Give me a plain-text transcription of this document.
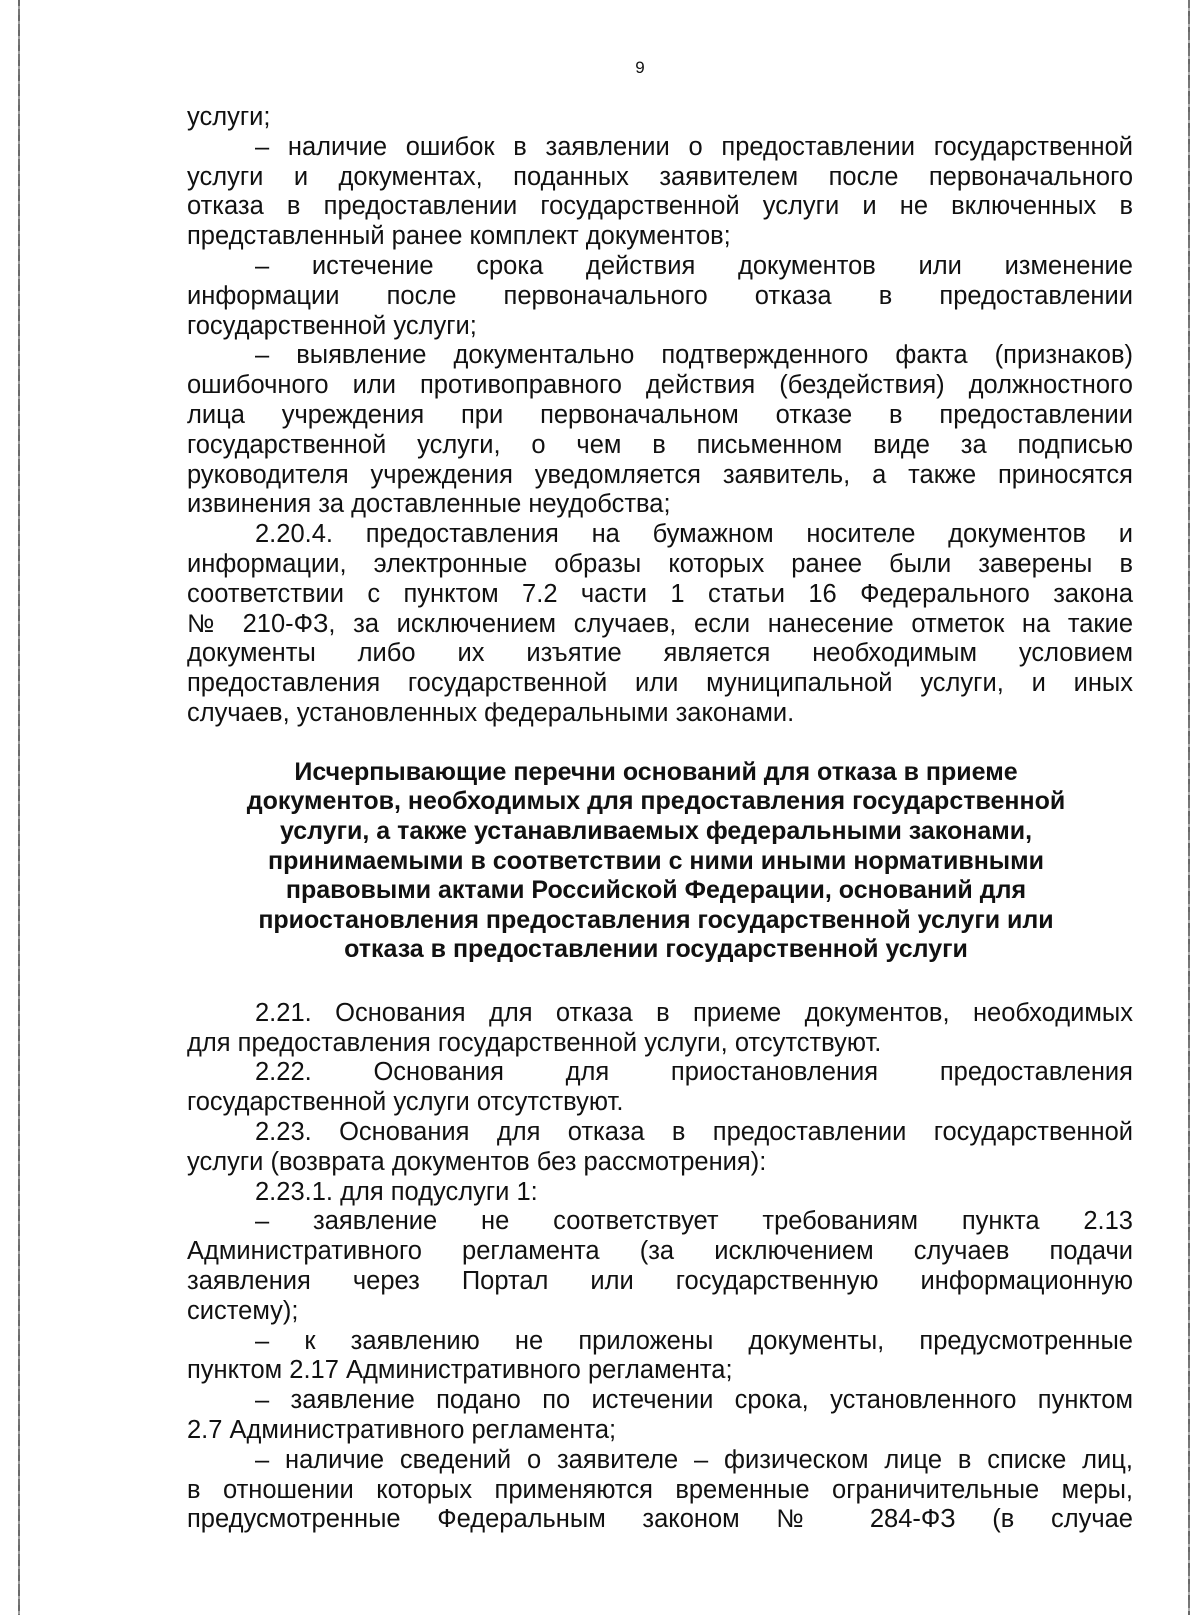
9
услуги;
– наличие ошибок в заявлении о предоставлении государственной
услуги и документах, поданных заявителем после первоначального
отказа в предоставлении государственной услуги и не включенных в
представленный ранее комплект документов;
– истечение срока действия документов или изменение
информации после первоначального отказа в предоставлении
государственной услуги;
– выявление документально подтвержденного факта (признаков)
ошибочного или противоправного действия (бездействия) должностного
лица учреждения при первоначальном отказе в предоставлении
государственной услуги, о чем в письменном виде за подписью
руководителя учреждения уведомляется заявитель, а также приносятся
извинения за доставленные неудобства;
2.20.4. предоставления на бумажном носителе документов и
информации, электронные образы которых ранее были заверены в
соответствии с пунктом 7.2 части 1 статьи 16 Федерального закона
№ 210-ФЗ, за исключением случаев, если нанесение отметок на такие
документы либо их изъятие является необходимым условием
предоставления государственной или муниципальной услуги, и иных
случаев, установленных федеральными законами.
Исчерпывающие перечни оснований для отказа в приеме
документов, необходимых для предоставления государственной
услуги, а также устанавливаемых федеральными законами,
принимаемыми в соответствии с ними иными нормативными
правовыми актами Российской Федерации, оснований для
приостановления предоставления государственной услуги или
отказа в предоставлении государственной услуги
2.21. Основания для отказа в приеме документов, необходимых
для предоставления государственной услуги, отсутствуют.
2.22. Основания для приостановления предоставления
государственной услуги отсутствуют.
2.23. Основания для отказа в предоставлении государственной
услуги (возврата документов без рассмотрения):
2.23.1. для подуслуги 1:
– заявление не соответствует требованиям пункта 2.13
Административного регламента (за исключением случаев подачи
заявления через Портал или государственную информационную
систему);
– к заявлению не приложены документы, предусмотренные
пунктом 2.17 Административного регламента;
– заявление подано по истечении срока, установленного пунктом
2.7 Административного регламента;
– наличие сведений о заявителе – физическом лице в списке лиц,
в отношении которых применяются временные ограничительные меры,
предусмотренные Федеральным законом № 284-ФЗ (в случае
